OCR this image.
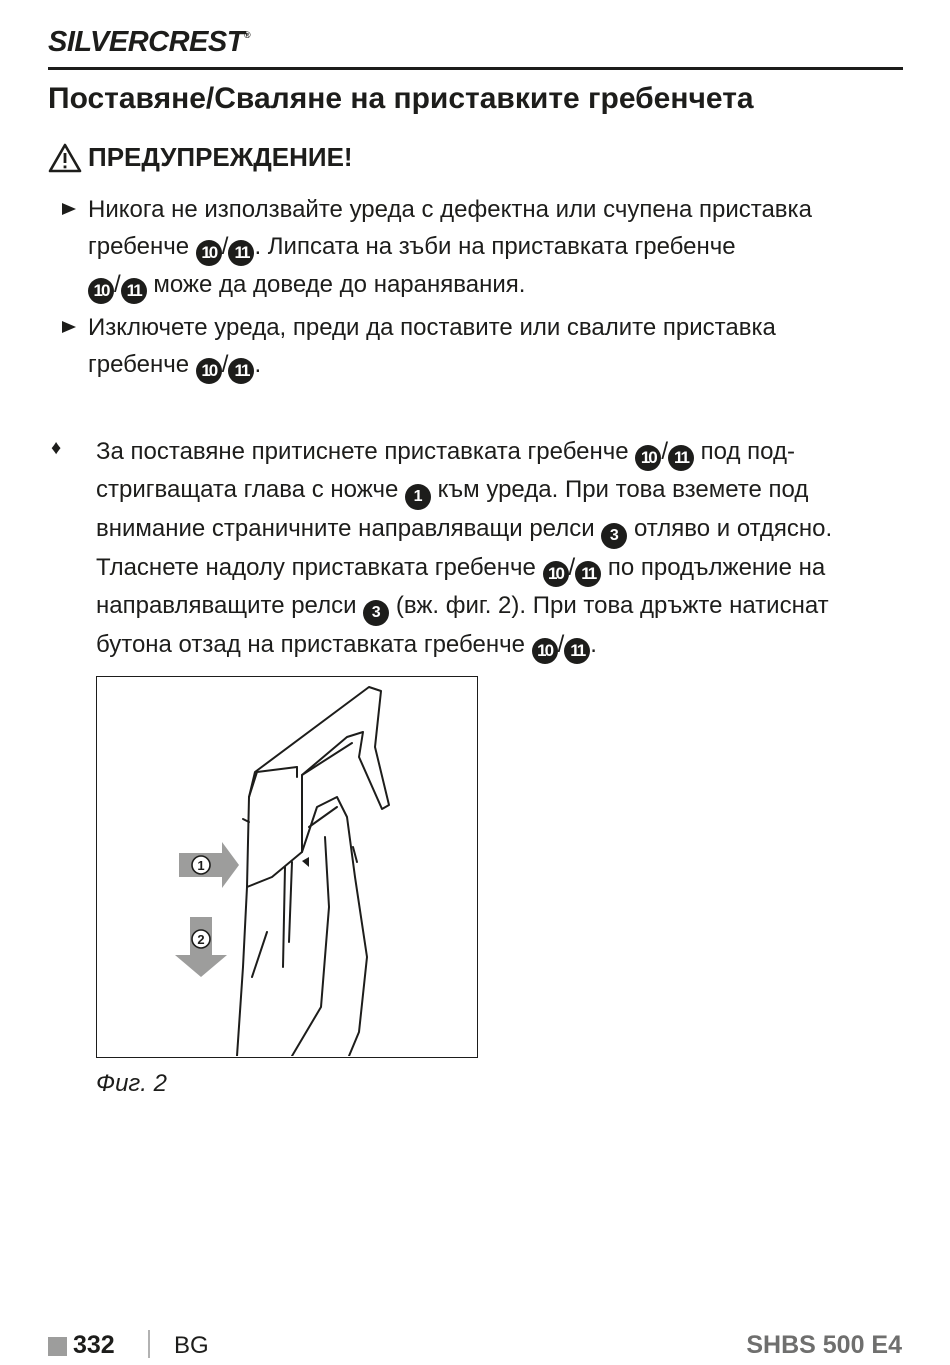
SILVERCREST®
Поставяне/Сваляне на приставките гребенчета
ПРЕДУПРЕЖДЕНИЕ!

Никога не използвайте уреда с дефектна или счупена приставка
гребенче 10 / 11 . Липсата на зъби на приставката гребенче
10 / 11 може да доведе до наранявания.

Изключете уреда, преди да поставите или свалите приставка
гребенче 10 / 11 .

♦ За поставяне притиснете приставката гребенче 10 / 11 под под-
стригващата глава с ножче 1 към уреда. При това вземете под
внимание страничните направляващи релси 3 отляво и отдясно.
Тласнете надолу приставката гребенче 10 / 11 по продължение на
направляващите релси 3 (вж. фиг. 2). При това дръжте натиснат
бутона отзад на приставката гребенче 10 / 11 .

1
2
Фиг. 2
332 BG	SHBS 500 E4
